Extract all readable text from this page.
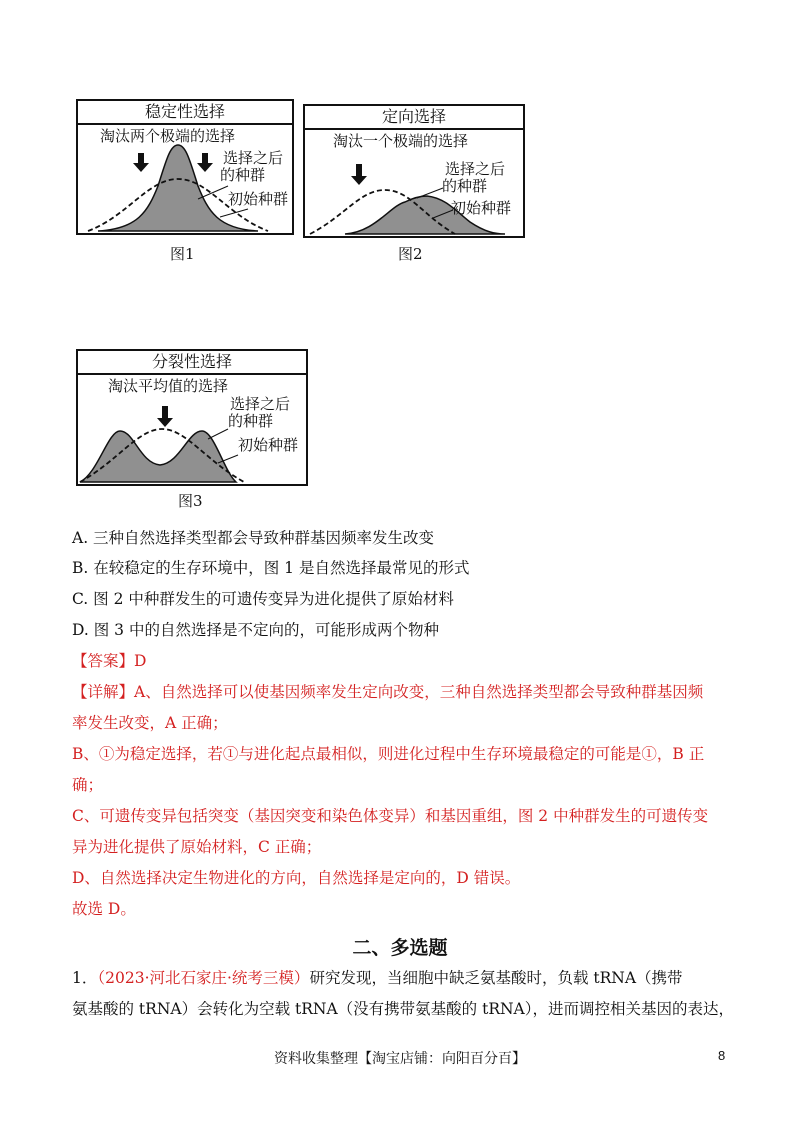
稳定性选择
淘汰两个极端的选择
选择之后
的种群
初始种群
图1
定向选择
淘汰一个极端的选择
选择之后
的种群
初始种群
图2
分裂性选择
淘汰平均值的选择
选择之后
的种群
初始种群
图3
A. 三种自然选择类型都会导致种群基因频率发生改变
B. 在较稳定的生存环境中，图 1 是自然选择最常见的形式
C. 图 2 中种群发生的可遗传变异为进化提供了原始材料
D. 图 3 中的自然选择是不定向的，可能形成两个物种
【答案】D
【详解】A、自然选择可以使基因频率发生定向改变，三种自然选择类型都会导致种群基因频
率发生改变，A 正确；
B、①为稳定选择，若①与进化起点最相似，则进化过程中生存环境最稳定的可能是①，B 正
确；
C、可遗传变异包括突变（基因突变和染色体变异）和基因重组，图 2 中种群发生的可遗传变
异为进化提供了原始材料，C 正确；
D、自然选择决定生物进化的方向，自然选择是定向的，D 错误。
故选 D。
二、多选题
1．（2023·河北石家庄·统考三模）研究发现，当细胞中缺乏氨基酸时，负载 tRNA（携带
氨基酸的 tRNA）会转化为空载 tRNA（没有携带氨基酸的 tRNA），进而调控相关基因的表达，
资料收集整理【淘宝店铺：向阳百分百】	8
